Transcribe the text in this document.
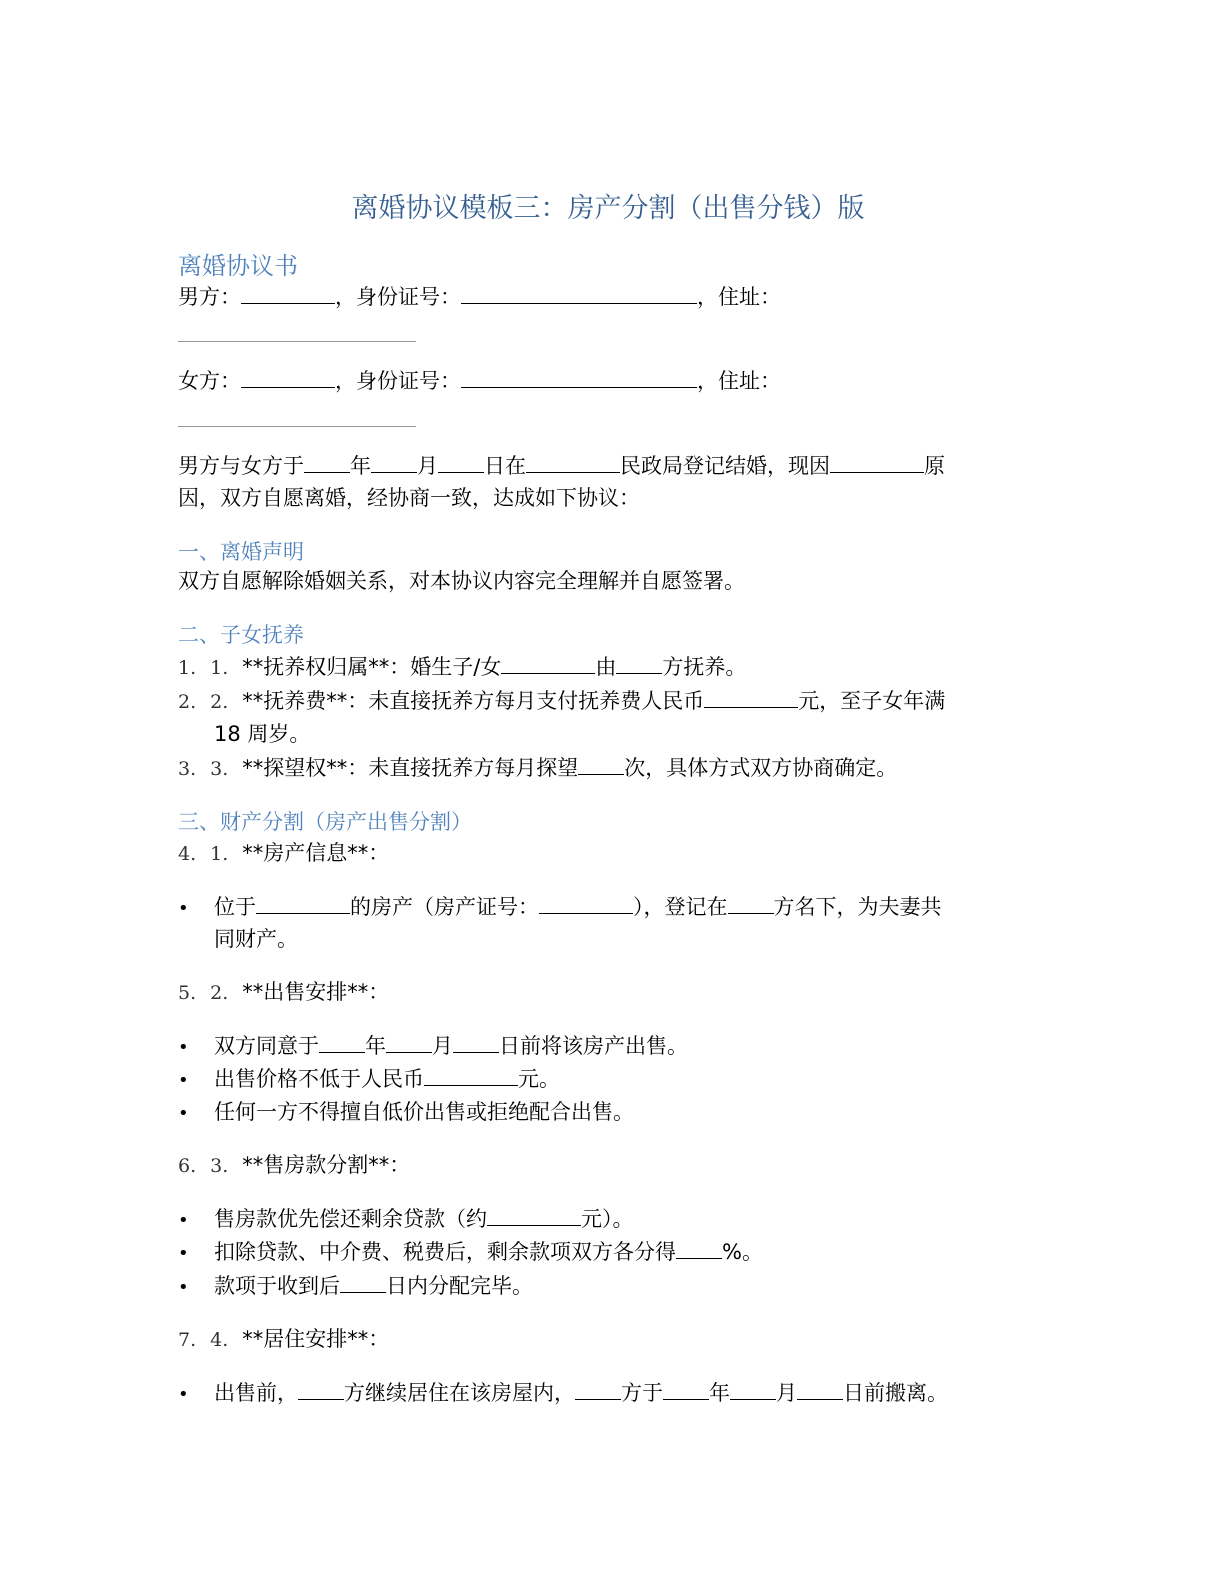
离婚协议模板三：房产分割（出售分钱）版
离婚协议书
男方：	，身份证号：	，住址：
女方：	，身份证号：	，住址：
男方与女方于 年 月 日在	民政局登记结婚，现因	原
因，双方自愿离婚，经协商一致，达成如下协议：
一、离婚声明
双方自愿解除婚姻关系，对本协议内容完全理解并自愿签署。
二、子女抚养
1. 1. **抚养权归属**：婚生子/女	由 方抚养。
2. 2. **抚养费**：未直接抚养方每月支付抚养费人民币	元，至子女年满
18 周岁。
3. 3. **探望权**：未直接抚养方每月探望 次，具体方式双方协商确定。
三、财产分割（房产出售分割）
4. 1. **房产信息**：
• 位于	的房产（房产证号：	），登记在 方名下，为夫妻共
同财产。
5. 2. **出售安排**：
• 双方同意于 年 月 日前将该房产出售。
• 出售价格不低于人民币	元。
• 任何一方不得擅自低价出售或拒绝配合出售。
6. 3. **售房款分割**：
• 售房款优先偿还剩余贷款（约	元）。
• 扣除贷款、中介费、税费后，剩余款项双方各分得 %。
• 款项于收到后 日内分配完毕。
7. 4. **居住安排**：
• 出售前， 方继续居住在该房屋内， 方于 年 月 日前搬离。
